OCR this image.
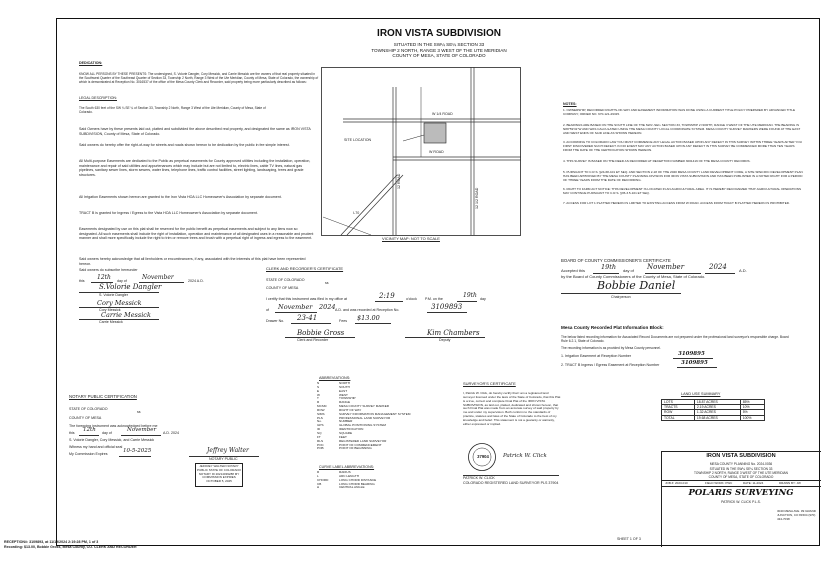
IRON VISTA SUBDIVISION
SITUATED IN THE SW¼ SE¼ SECTION 33
TOWNSHIP 2 NORTH, RANGE 3 WEST OF THE UTE MERIDIAN
COUNTY OF MESA, STATE OF COLORADO
DEDICATION:
KNOW ALL PERSONS BY THESE PRESENTS: The undersigned, S. Volorie Dangler, Cory Messick, and Carrie Messick are the owners of that real property situated in the Southwest Quarter of the Southeast Quarter of Section 33, Township 2 North, Range 3 West of the Ute Meridian, County of Mesa, State of Colorado, the ownership of which is demonstrated at Reception No. 3016537 of the office of the Mesa County Clerk and Recorder, said property being more particularly described as follows:
LEGAL DESCRIPTION:
The South 630 feet of the SW ¼ SE ¼ of Section 33, Township 2 North, Range 3 West of the Ute Meridian, County of Mesa, State of Colorado.
Said Owners have by these presents laid out, platted and subdivided the above described real property, and designated the same as IRON VISTA SUBDIVISION, County of Mesa, State of Colorado.
Said owners do hereby offer the right-of-way for streets and roads shown hereon to be dedication by the public in fee simple interest.
All Multi-purpose Easements are dedicated to the Public as perpetual easements for County approved utilities including the installation, operation, maintenance and repair of said utilities and appurtenances which may include but are not limited to, electric lines, cable TV lines, natural gas pipelines, sanitary sewer lines, storm sewers, water lines, telephone lines, traffic control facilities, street lighting, landscaping, trees and grade structures.
All Irrigation Easements shown hereon are granted to the Iron Vista HOA LLC Homeowner's Association by separate document.
TRACT B is granted for Ingress / Egress to the Vista HOA LLC Homeowner's Association by separate document.
Easements designated by use on this plat shall be reserved for the public benefit as perpetual easements and subject to any liens now so designated. All such easements shall include the right of installation, operation and maintenance of all designated uses in a reasonable and prudent manner and shall more specifically include the right to trim or remove trees and brush with a perpetual right of ingress and egress to the easement.
Said owners hereby acknowledge that all lienholders or encumbrancers, if any, associated with the interests of this plat have been represented hereon.
Said owners do subscribe hereunder
this	12th day of	November	2024 A.D.
S.Volorie Dangler
S. Volorie Dangler
Cory Messick
Cory Messick
Carrie Messick
Carrie Messick
W 1/4 ROAD
W ROAD
12 ROAD
12 1/2 ROAD
SITE LOCATION
I-70
VICINITY MAP: NOT TO SCALE
NOTES:
1. OWNERSHIP, RECORDED RIGHTS-OF-WAY AND EASEMENT INFORMATION WAS DONE USING A CURRENT TITLE POLICY PREPARED BY ADVANCED TITLE COMPANY, ORDER NO. 670-121-29315.
2. BEARINGS ARE BASED ON THE SOUTH LINE OF THE SW¼ SE¼ SECTION 33, TOWNSHIP 2 NORTH, RANGE 3 WEST OF THE UTE MERIDIAN. THE BEARING IS N89°59'31"W AND WAS CALCULATED USING THE MESA COUNTY LOCAL COORDINATE SYSTEM. MESA COUNTY SURVEY MARKERS WERE FOUND AT THE EAST AND WEST ENDS OF SAID LINE AS SHOWN HEREON.
3. ACCORDING TO COLORADO LAW YOU MUST COMMENCE ANY LEGAL ACTION BASED UPON ANY DEFECT IN THIS SURVEY WITHIN THREE YEARS AFTER YOU FIRST DISCOVERED SUCH DEFECT. IN NO EVENT MAY ANY ACTION BASED UPON ANY DEFECT IN THIS SURVEY BE COMMENCED MORE THAN TEN YEARS FROM THE DATE OF THE CERTIFICATION SHOWN HEREON.
4. THIS SURVEY IS BASED ON THE DEED AS RECORDED AT RECEPTION NUMBER 3001416 OF THE MESA COUNTY RECORDS.
5. PURSUANT TO C.R.S. §24-68-101 ET SEQ. AND SECTION 2-18 OF THE 2020 MESA COUNTY LAND DEVELOPMENT CODE, A SITE SPECIFIC DEVELOPMENT PLAN HAS BEEN APPROVED BY THE MESA COUNTY PLANNING DIVISION FOR IRON VISTA SUBDIVISION AND HAS BEEN PUBLISHED IN A NOTED RIGHT FOR A PERIOD OF THREE YEARS FROM THE DATE OF RECORDING.
6. RIGHT TO FARM ACT NOTICE: THIS DEVELOPMENT IS LOCATED IN AN AGRICULTURAL AREA. IT IS HEREBY RECOGNIZED THAT AGRICULTURAL OPERATIONS MAY CONTINUE PURSUANT TO C.R.S. §35-3.5-101 ET SEQ.
7. ACCESS FOR LOT 1 PLATTED HEREON IS LIMITED TO EXISTING ACCESS FROM W ROAD. ACCESS FROM TRACT B PLATTED HEREON IS PROHIBITED.
CLERK AND RECORDER'S CERTIFICATE
STATE OF COLORADO
ss
COUNTY OF MESA
I certify that this instrument was filed in my office at	2:19	o'clock	P.M. on the	19th day
of	November 2024 A.D. and was recorded at Reception No.	3109893
Drawer No.	23-41	Fees	$13.00
Bobbie Gross
Clerk and Recorder
Kim Chambers
Deputy
BOARD OF COUNTY COMMISSIONER'S CERTIFICATE
Accepted this	19th day of	November	2024	A.D.
by the Board of County Commissioners of the County of Mesa, State of Colorado.
Bobbie Daniel
Chairperson
Mesa County Recorded Plat Information Block:
The below listed recording information for Associated Record Documents are not prepared under the professional land surveyor's responsible charge. Board Rule 6.2.1, State of Colorado.
The recording information is as provided by Mesa County personnel.
1. Irrigation Easement at Reception Number	3109895
2. TRACT B Ingress / Egress Easement at Reception Number	3109895
NOTARY PUBLIC CERTIFICATION
STATE OF COLORADO
ss
COUNTY OF MESA
The foregoing instrument was acknowledged before me
this	12th day of	November A.D. 2024
S. Volorie Dangler, Cory Messick, and Carrie Messick
Witness my hand and official seal
My Commission Expires	10-5-2025	Jeffrey Walter
NOTARY PUBLIC
JEFFREY WALTER NOTARY PUBLIC STATE OF COLORADO NOTARY ID 20214039288 MY COMMISSION EXPIRES OCTOBER 5, 2025
ABBREVIATIONS:
N	NORTH
S	SOUTH
E	EAST
W	WEST
T	TOWNSHIP
R	RANGE
MCSM	MESA COUNTY SURVEY MARKER
ROW	RIGHT OF WAY
SIMS	SURVEY INFORMATION MANAGEMENT SYSTEM
PLS	PROFESSIONAL LAND SURVEYOR
No.	NUMBER
GPS	GLOBAL POSITIONING SYSTEM
ID	IDENTIFICATION
SQ	SQUARE
FT	FEET
RLS	REGISTERED LAND SURVEYOR
POC	POINT OF COMMENCEMENT
POB	POINT OF BEGINNING
CURVE LABEL ABBREVIATIONS:
R	RADIUS
L	ARC LENGTH
CHORD	LONG CHORD DISTANCE
CB	LONG CHORD BEARING
Δ	CENTRAL ANGLE
SURVEYOR'S CERTIFICATE
I, Patrick W. Click, do hereby certify that I am a registered land surveyor licensed under the laws of the State of Colorado, that this Plat is a true, correct and complete Final Plat of the IRON VISTA SUBDIVISION, as laid out, platted, dedicated and shown hereon, that such Final Plat was made from an accurate survey of said property by me and under my supervision. Both conform to the standards of practice, statutes and laws of the State of Colorado to the best of my knowledge and belief. This statement is not a guaranty or warranty, either expressed or implied.
37904	Patrick W. Click
PATRICK W. CLICK
COLORADO REGISTERED LAND SURVEYOR PLS 37904
LAND USE SUMMARY
LOTS	18.87 ACRES	85%
TRACTS	2.19 ACRES	10%
ROW	1.32 ACRES	5%
TOTAL	19.68 ACRES	100%
IRON VISTA SUBDIVISION
MESA COUNTY PLANNING No. 2024-0036
SITUATED IN THE SW¼ SE¼ SECTION 33
TOWNSHIP 2 NORTH, RANGE 3 WEST OF THE UTE MERIDIAN
COUNTY OF MESA, STATE OF COLORADO
JOB #: 2023-010	FIELD WORK: PWC	DATE: 11-2024	DRAWN BY: JW
POLARIS SURVEYING
PATRICK W. CLICK P.L.S.
3040 MESA AVE. #9 GRAND JUNCTION, CO 81504 (970) 434-7038
SHEET 1 OF 3
RECEPTION#: 3109893, at 11/19/2024 2:19:28 PM, 1 of 3
Recording: $13.00, Bobbie Gross, Mesa County, CO. CLERK AND RECORDER
